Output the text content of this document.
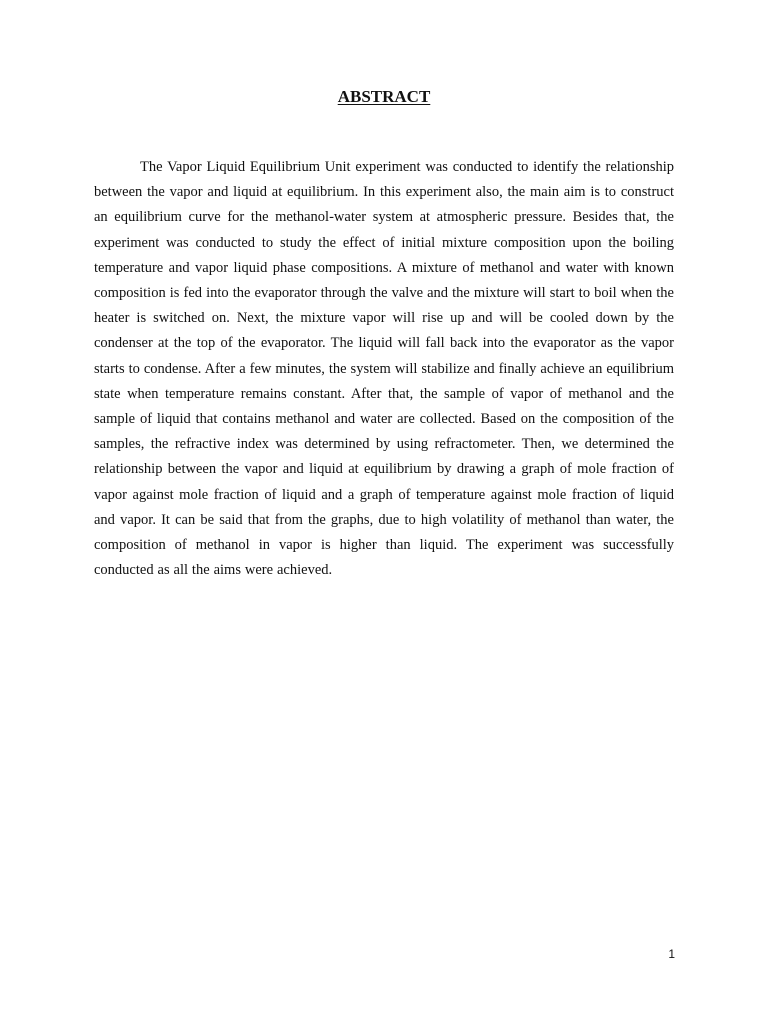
ABSTRACT

The Vapor Liquid Equilibrium Unit experiment was conducted to identify the relationship between the vapor and liquid at equilibrium. In this experiment also, the main aim is to construct an equilibrium curve for the methanol-water system at atmospheric pressure. Besides that, the experiment was conducted to study the effect of initial mixture composition upon the boiling temperature and vapor liquid phase compositions. A mixture of methanol and water with known composition is fed into the evaporator through the valve and the mixture will start to boil when the heater is switched on. Next, the mixture vapor will rise up and will be cooled down by the condenser at the top of the evaporator. The liquid will fall back into the evaporator as the vapor starts to condense. After a few minutes, the system will stabilize and finally achieve an equilibrium state when temperature remains constant. After that, the sample of vapor of methanol and the sample of liquid that contains methanol and water are collected. Based on the composition of the samples, the refractive index was determined by using refractometer. Then, we determined the relationship between the vapor and liquid at equilibrium by drawing a graph of mole fraction of vapor against mole fraction of liquid and a graph of temperature against mole fraction of liquid and vapor. It can be said that from the graphs, due to high volatility of methanol than water, the composition of methanol in vapor is higher than liquid. The experiment was successfully conducted as all the aims were achieved.

1
